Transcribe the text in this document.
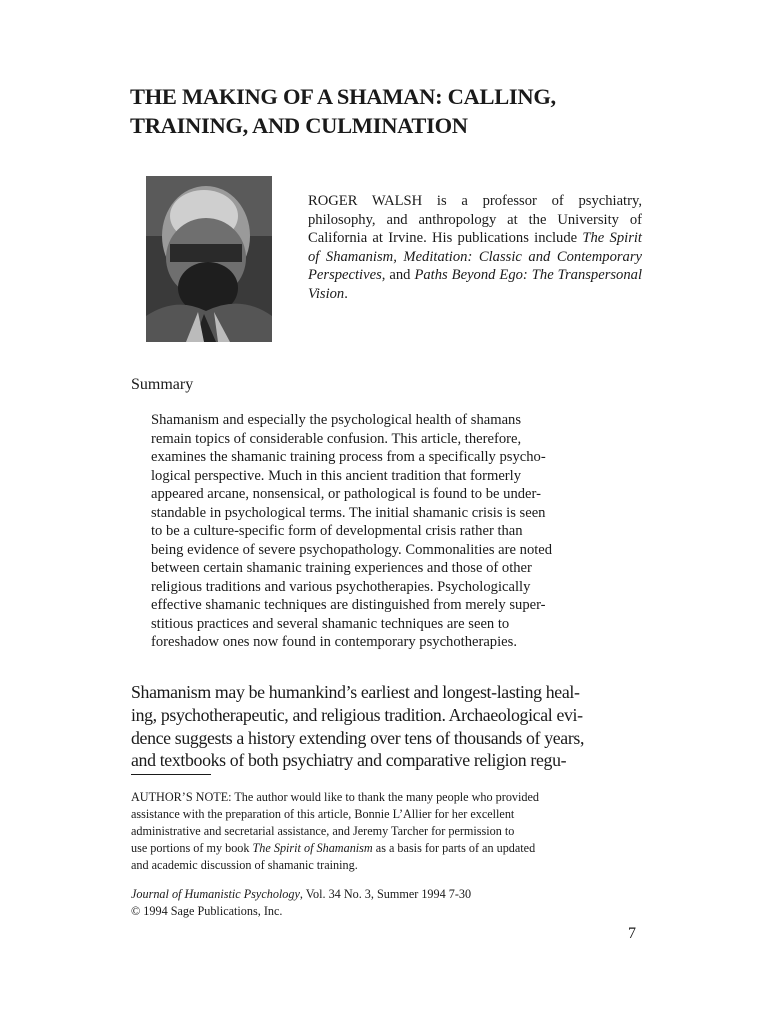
THE MAKING OF A SHAMAN: CALLING,
TRAINING, AND CULMINATION

ROGER WALSH is a professor of psychiatry, philosophy, and anthropology at the University of California at Irvine. His publications include The Spirit of Shamanism, Meditation: Classic and Contemporary Perspectives, and Paths Beyond Ego: The Transpersonal Vision.

Summary
Shamanism and especially the psychological health of shamans
remain topics of considerable confusion. This article, therefore,
examines the shamanic training process from a specifically psycho-
logical perspective. Much in this ancient tradition that formerly
appeared arcane, nonsensical, or pathological is found to be under-
standable in psychological terms. The initial shamanic crisis is seen
to be a culture-specific form of developmental crisis rather than
being evidence of severe psychopathology. Commonalities are noted
between certain shamanic training experiences and those of other
religious traditions and various psychotherapies. Psychologically
effective shamanic techniques are distinguished from merely super-
stitious practices and several shamanic techniques are seen to
foreshadow ones now found in contemporary psychotherapies.
Shamanism may be humankind’s earliest and longest-lasting heal-
ing, psychotherapeutic, and religious tradition. Archaeological evi-
dence suggests a history extending over tens of thousands of years,
and textbooks of both psychiatry and comparative religion regu-
AUTHOR’S NOTE: The author would like to thank the many people who provided
assistance with the preparation of this article, Bonnie L’Allier for her excellent
administrative and secretarial assistance, and Jeremy Tarcher for permission to
use portions of my book The Spirit of Shamanism as a basis for parts of an updated
and academic discussion of shamanic training.
Journal of Humanistic Psychology, Vol. 34 No. 3, Summer 1994 7-30
© 1994 Sage Publications, Inc.
7
